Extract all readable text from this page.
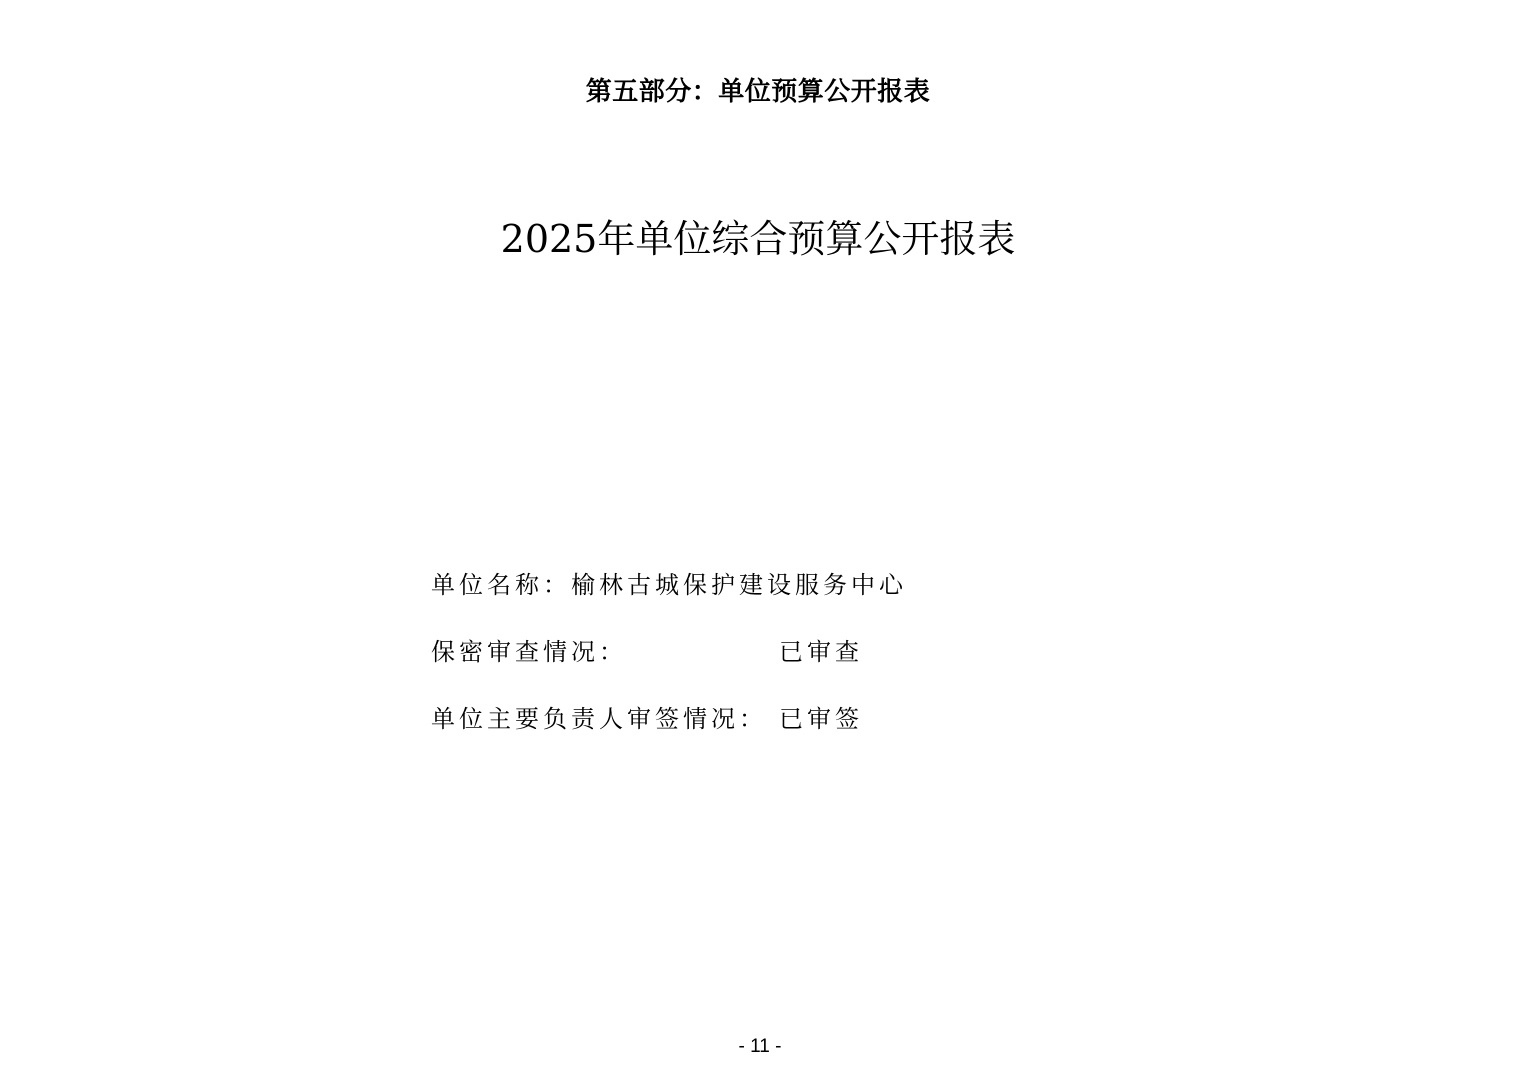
第五部分：单位预算公开报表
2025年单位综合预算公开报表
单位名称： 榆林古城保护建设服务中心
保密审查情况：	已审查
单位主要负责人审签情况： 已审签
- 11 -
